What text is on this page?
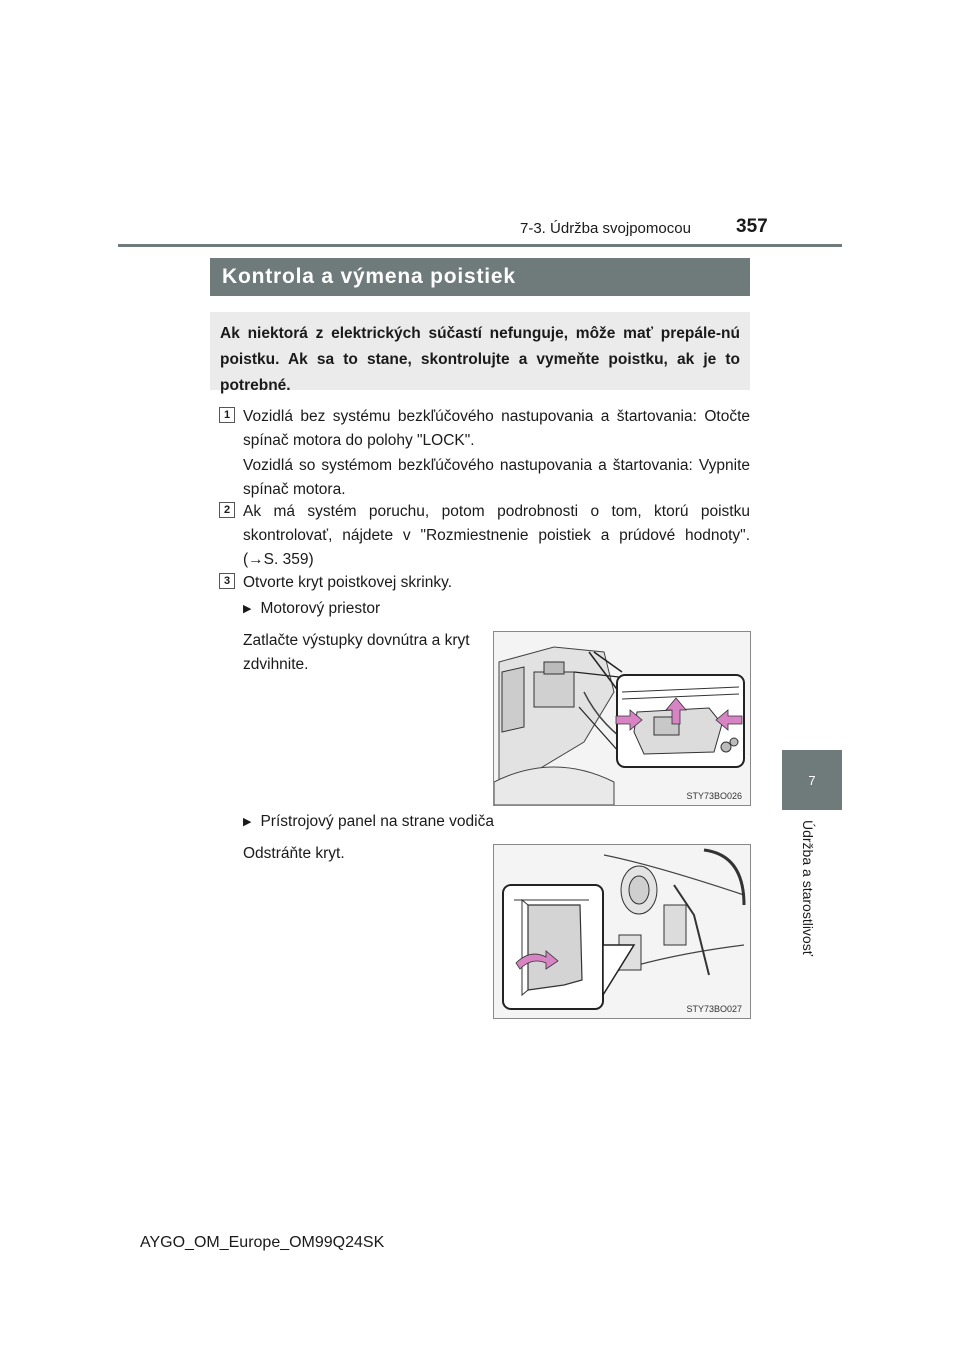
7-3. Údržba svojpomocou 357
Kontrola a výmena poistiek
Ak niektorá z elektrických súčastí nefunguje, môže mať prepále-nú poistku. Ak sa to stane, skontrolujte a vymeňte poistku, ak je to potrebné.
1 Vozidlá bez systému bezkľúčového nastupovania a štartovania: Otočte spínač motora do polohy "LOCK".
Vozidlá so systémom bezkľúčového nastupovania a štartovania: Vypnite spínač motora.
2 Ak má systém poruchu, potom podrobnosti o tom, ktorú poistku skontrolovať, nájdete v "Rozmiestnenie poistiek a prúdové hodnoty". (→S. 359)
3 Otvorte kryt poistkovej skrinky.
▶ Motorový priestor
Zatlačte výstupky dovnútra a kryt zdvihnite.
STY73BO026
▶ Prístrojový panel na strane vodiča
Odstráňte kryt.
STY73BO027
7
Údržba a starostlivosť
AYGO_OM_Europe_OM99Q24SK
